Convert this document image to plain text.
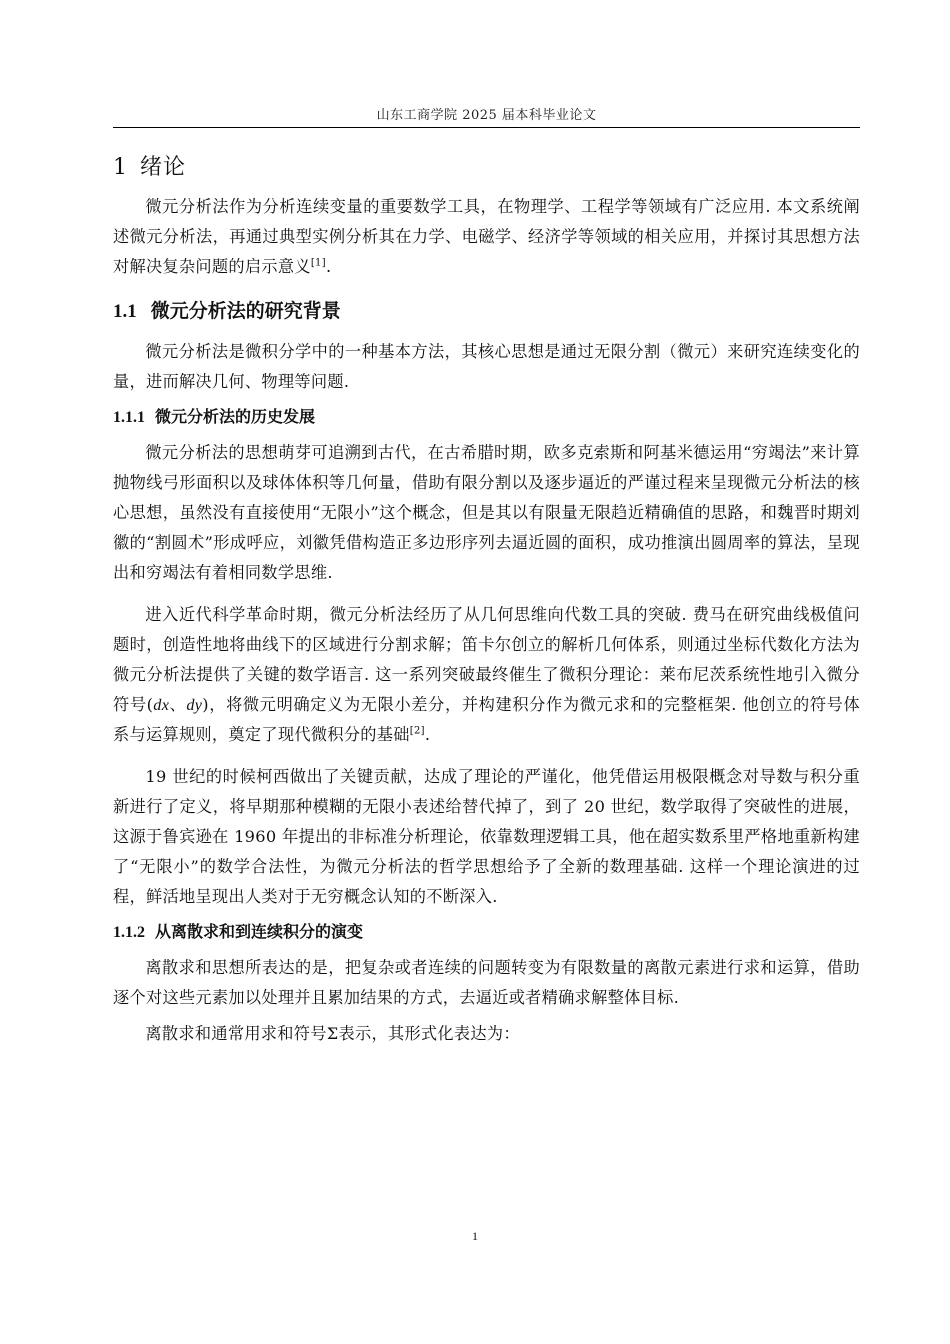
山东工商学院 2025 届本科毕业论文
1 绪论

微元分析法作为分析连续变量的重要数学工具，在物理学、工程学等领域有广泛应用. 本文系统阐述微元分析法，再通过典型实例分析其在力学、电磁学、经济学等领域的相关应用，并探讨其思想方法对解决复杂问题的启示意义[1].

1.1 微元分析法的研究背景

微元分析法是微积分学中的一种基本方法，其核心思想是通过无限分割（微元）来研究连续变化的量，进而解决几何、物理等问题.

1.1.1 微元分析法的历史发展

微元分析法的思想萌芽可追溯到古代，在古希腊时期，欧多克索斯和阿基米德运用“穷竭法”来计算抛物线弓形面积以及球体体积等几何量，借助有限分割以及逐步逼近的严谨过程来呈现微元分析法的核心思想，虽然没有直接使用“无限小”这个概念，但是其以有限量无限趋近精确值的思路，和魏晋时期刘徽的“割圆术”形成呼应，刘徽凭借构造正多边形序列去逼近圆的面积，成功推演出圆周率的算法，呈现出和穷竭法有着相同数学思维.

进入近代科学革命时期，微元分析法经历了从几何思维向代数工具的突破. 费马在研究曲线极值问题时，创造性地将曲线下的区域进行分割求解；笛卡尔创立的解析几何体系，则通过坐标代数化方法为微元分析法提供了关键的数学语言. 这一系列突破最终催生了微积分理论：莱布尼茨系统性地引入微分符号(dx、dy)，将微元明确定义为无限小差分，并构建积分作为微元求和的完整框架. 他创立的符号体系与运算规则，奠定了现代微积分的基础[2].

19 世纪的时候柯西做出了关键贡献，达成了理论的严谨化，他凭借运用极限概念对导数与积分重新进行了定义，将早期那种模糊的无限小表述给替代掉了，到了 20 世纪，数学取得了突破性的进展，这源于鲁宾逊在 1960 年提出的非标准分析理论，依靠数理逻辑工具，他在超实数系里严格地重新构建了“无限小”的数学合法性，为微元分析法的哲学思想给予了全新的数理基础. 这样一个理论演进的过程，鲜活地呈现出人类对于无穷概念认知的不断深入.

1.1.2 从离散求和到连续积分的演变

离散求和思想所表达的是，把复杂或者连续的问题转变为有限数量的离散元素进行求和运算，借助逐个对这些元素加以处理并且累加结果的方式，去逼近或者精确求解整体目标.

离散求和通常用求和符号Σ表示，其形式化表达为：

1
